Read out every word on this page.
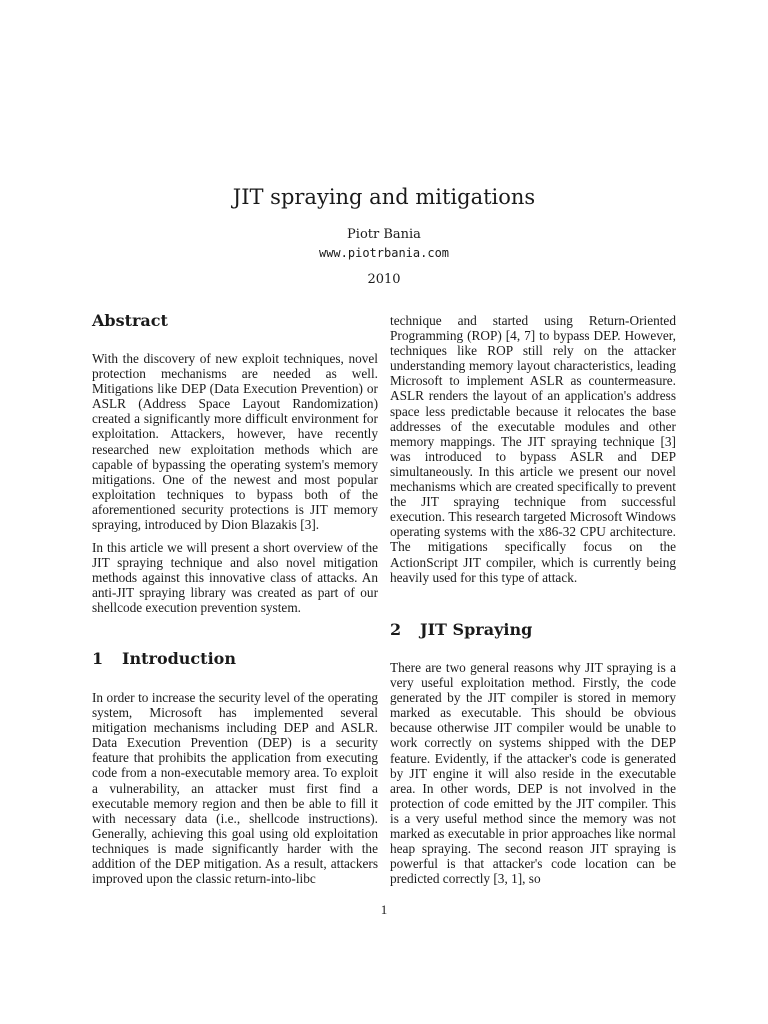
JIT spraying and mitigations
Piotr Bania
www.piotrbania.com
2010
Abstract

With the discovery of new exploit techniques, novel protection mechanisms are needed as well. Mitigations like DEP (Data Execution Prevention) or ASLR (Address Space Layout Randomization) created a significantly more difficult environment for exploitation. Attackers, however, have recently researched new exploitation methods which are capable of bypassing the operating system's memory mitigations. One of the newest and most popular exploitation techniques to bypass both of the aforementioned security protections is JIT memory spraying, introduced by Dion Blazakis [3].

In this article we will present a short overview of the JIT spraying technique and also novel mitigation methods against this innovative class of attacks. An anti-JIT spraying library was created as part of our shellcode execution prevention system.

1 Introduction

In order to increase the security level of the operating system, Microsoft has implemented several mitigation mechanisms including DEP and ASLR. Data Execution Prevention (DEP) is a security feature that prohibits the application from executing code from a non-executable memory area. To exploit a vulnerability, an attacker must first find a executable memory region and then be able to fill it with necessary data (i.e., shellcode instructions). Generally, achieving this goal using old exploitation techniques is made significantly harder with the addition of the DEP mitigation. As a result, attackers improved upon the classic return-into-libc

technique and started using Return-Oriented Programming (ROP) [4, 7] to bypass DEP. However, techniques like ROP still rely on the attacker understanding memory layout characteristics, leading Microsoft to implement ASLR as countermeasure. ASLR renders the layout of an application's address space less predictable because it relocates the base addresses of the executable modules and other memory mappings. The JIT spraying technique [3] was introduced to bypass ASLR and DEP simultaneously. In this article we present our novel mechanisms which are created specifically to prevent the JIT spraying technique from successful execution. This research targeted Microsoft Windows operating systems with the x86-32 CPU architecture. The mitigations specifically focus on the ActionScript JIT compiler, which is currently being heavily used for this type of attack.

2 JIT Spraying

There are two general reasons why JIT spraying is a very useful exploitation method. Firstly, the code generated by the JIT compiler is stored in memory marked as executable. This should be obvious because otherwise JIT compiler would be unable to work correctly on systems shipped with the DEP feature. Evidently, if the attacker's code is generated by JIT engine it will also reside in the executable area. In other words, DEP is not involved in the protection of code emitted by the JIT compiler. This is a very useful method since the memory was not marked as executable in prior approaches like normal heap spraying. The second reason JIT spraying is powerful is that attacker's code location can be predicted correctly [3, 1], so

1
